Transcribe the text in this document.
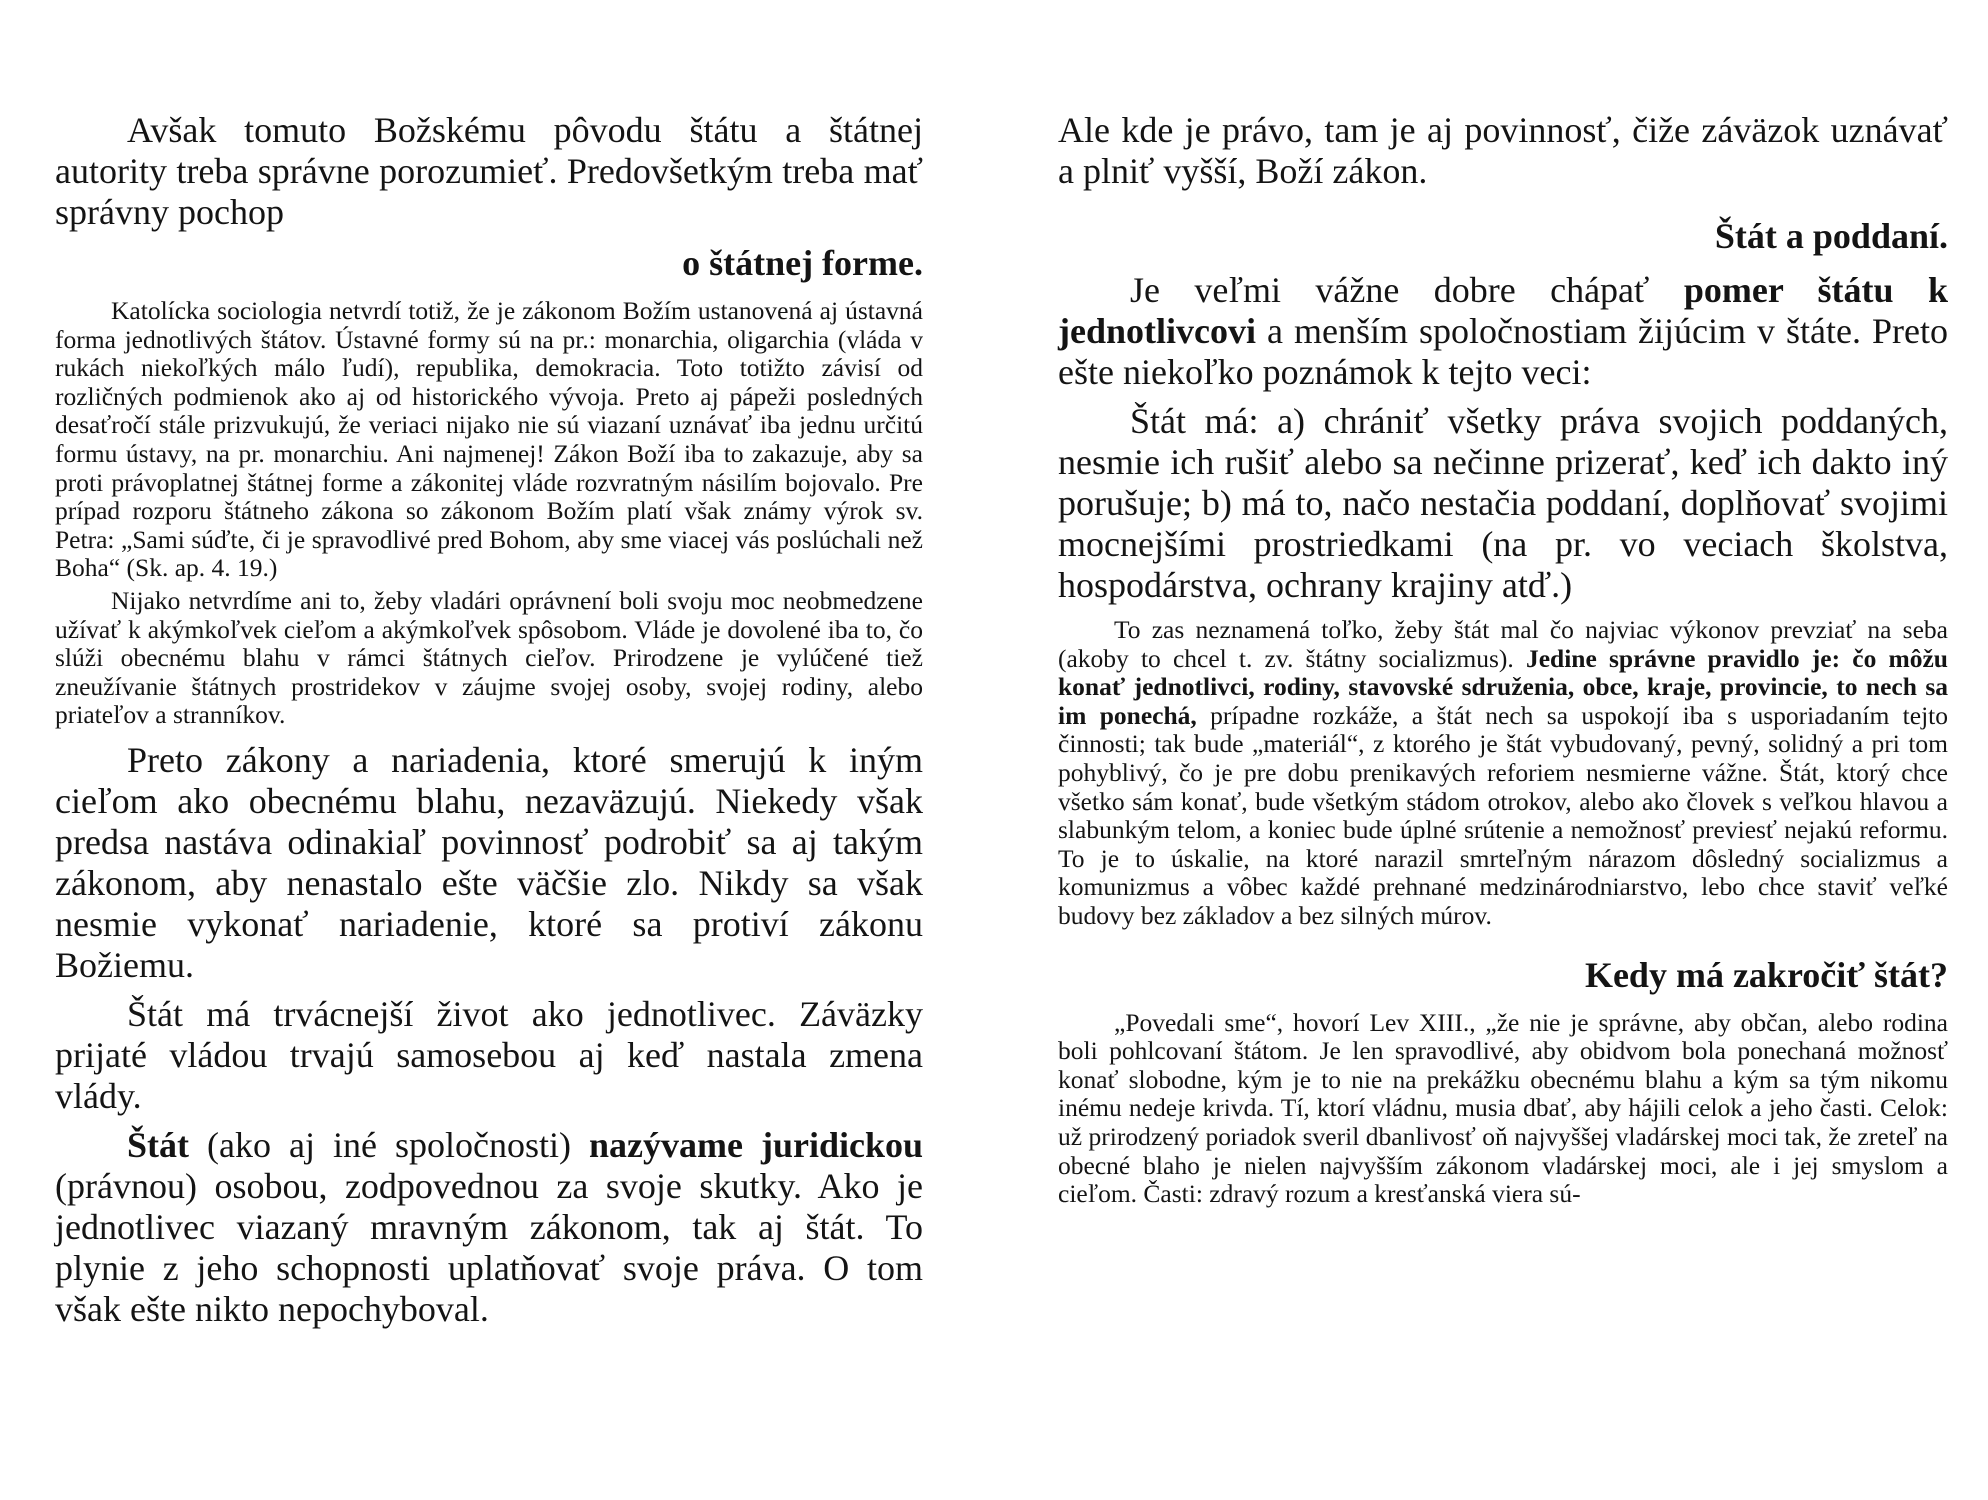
Avšak tomuto Božskému pôvodu štátu a štátnej autority treba správne porozumieť. Predovšetkým treba mať správny pochop

o štátnej forme.

Katolícka sociologia netvrdí totiž, že je zákonom Božím ustanovená aj ústavná forma jednotlivých štátov. Ústavné formy sú na pr.: monarchia, oligarchia (vláda v rukách niekoľkých málo ľudí), republika, demokracia. Toto totižto závisí od rozličných podmienok ako aj od historického vývoja. Preto aj pápeži posledných desaťročí stále prizvukujú, že veriaci nijako nie sú viazaní uznávať iba jednu určitú formu ústavy, na pr. monarchiu. Ani najmenej! Zákon Boží iba to zakazuje, aby sa proti právoplatnej štátnej forme a zákonitej vláde rozvratným násilím bojovalo. Pre prípad rozporu štátneho zákona so zákonom Božím platí však známy výrok sv. Petra: „Sami súďte, či je spravodlivé pred Bohom, aby sme viacej vás poslúchali než Boha“ (Sk. ap. 4. 19.)

Nijako netvrdíme ani to, žeby vladári oprávnení boli svoju moc neobmedzene užívať k akýmkoľvek cieľom a akýmkoľvek spôsobom. Vláde je dovolené iba to, čo slúži obecnému blahu v rámci štátnych cieľov. Prirodzene je vylúčené tiež zneužívanie štátnych prostridekov v záujme svojej osoby, svojej rodiny, alebo priateľov a stranníkov.

Preto zákony a nariadenia, ktoré smerujú k iným cieľom ako obecnému blahu, nezaväzujú. Niekedy však predsa nastáva odinakiaľ povinnosť podrobiť sa aj takým zákonom, aby nenastalo ešte väčšie zlo. Nikdy sa však nesmie vykonať nariadenie, ktoré sa protiví zákonu Božiemu.

Štát má trvácnejší život ako jednotlivec. Záväzky prijaté vládou trvajú samosebou aj keď nastala zmena vlády.

Štát (ako aj iné spoločnosti) nazývame juridickou (právnou) osobou, zodpovednou za svoje skutky. Ako je jednotlivec viazaný mravným zákonom, tak aj štát. To plynie z jeho schopnosti uplatňovať svoje práva. O tom však ešte nikto nepochyboval.

Ale kde je právo, tam je aj povinnosť, čiže záväzok uznávať a plniť vyšší, Boží zákon.

Štát a poddaní.

Je veľmi vážne dobre chápať pomer štátu k jednotlivcovi a menším spoločnostiam žijúcim v štáte. Preto ešte niekoľko poznámok k tejto veci:

Štát má: a) chrániť všetky práva svojich poddaných, nesmie ich rušiť alebo sa nečinne prizerať, keď ich dakto iný porušuje; b) má to, načo nestačia poddaní, doplňovať svojimi mocnejšími prostriedkami (na pr. vo veciach školstva, hospodárstva, ochrany krajiny atď.)

To zas neznamená toľko, žeby štát mal čo najviac výkonov prevziať na seba (akoby to chcel t. zv. štátny socializmus). Jedine správne pravidlo je: čo môžu konať jednotlivci, rodiny, stavovské sdruženia, obce, kraje, provincie, to nech sa im ponechá, prípadne rozkáže, a štát nech sa uspokojí iba s usporiadaním tejto činnosti; tak bude „materiál“, z ktorého je štát vybudovaný, pevný, solidný a pri tom pohyblivý, čo je pre dobu prenikavých reforiem nesmierne vážne. Štát, ktorý chce všetko sám konať, bude všetkým stádom otrokov, alebo ako človek s veľkou hlavou a slabunkým telom, a koniec bude úplné srútenie a nemožnosť previesť nejakú reformu. To je to úskalie, na ktoré narazil smrteľným nárazom dôsledný socializmus a komunizmus a vôbec každé prehnané medzinárodniarstvo, lebo chce staviť veľké budovy bez základov a bez silných múrov.

Kedy má zakročiť štát?

„Povedali sme“, hovorí Lev XIII., „že nie je správne, aby občan, alebo rodina boli pohlcovaní štátom. Je len spravodlivé, aby obidvom bola ponechaná možnosť konať slobodne, kým je to nie na prekážku obecnému blahu a kým sa tým nikomu inému nedeje krivda. Tí, ktorí vládnu, musia dbať, aby hájili celok a jeho časti. Celok: už prirodzený poriadok sveril dbanlivosť oň najvyššej vladárskej moci tak, že zreteľ na obecné blaho je nielen najvyšším zákonom vladárskej moci, ale i jej smyslom a cieľom. Časti: zdravý rozum a kresťanská viera sú-
